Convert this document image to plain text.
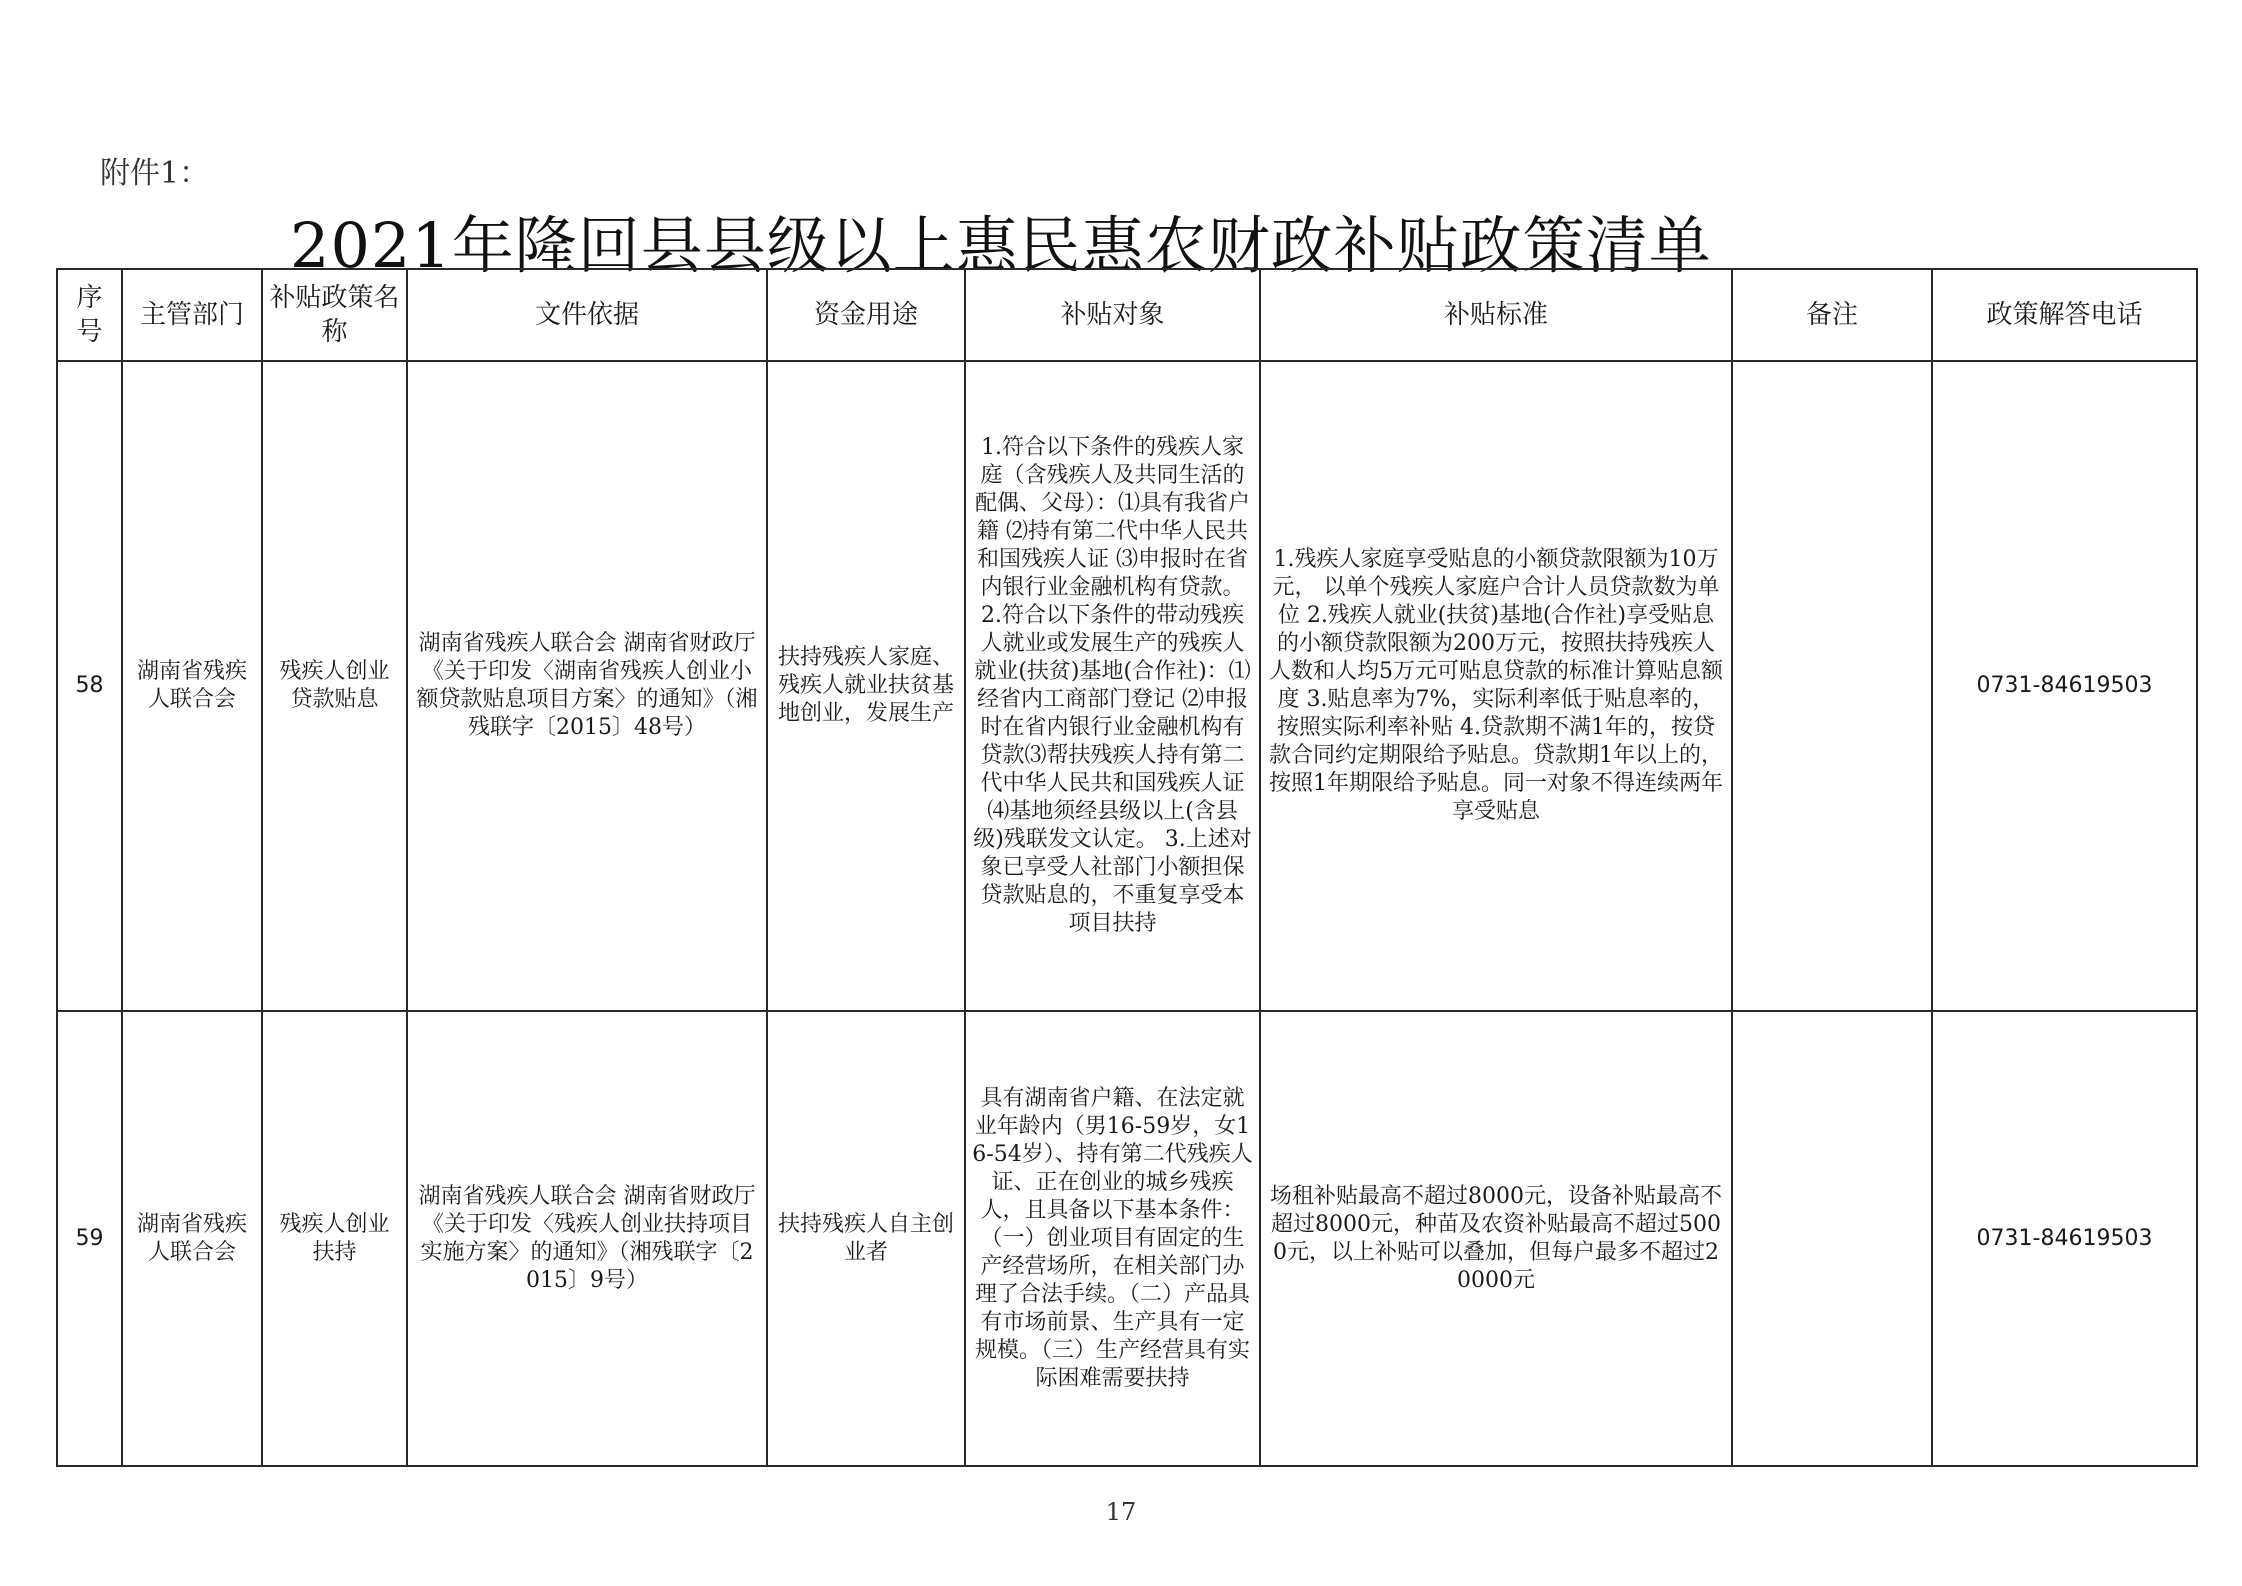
附件1：
2021年隆回县县级以上惠民惠农财政补贴政策清单
序号	主管部门	补贴政策名称	文件依据	资金用途	补贴对象	补贴标准	备注	政策解答电话
58	湖南省残疾人联合会	残疾人创业贷款贴息	湖南省残疾人联合会 湖南省财政厅《关于印发〈湖南省残疾人创业小额贷款贴息项目方案〉的通知》（湘残联字〔2015〕48号）	扶持残疾人家庭、残疾人就业扶贫基地创业，发展生产	1.符合以下条件的残疾人家庭（含残疾人及共同生活的配偶、父母）：⑴具有我省户籍 ⑵持有第二代中华人民共和国残疾人证 ⑶申报时在省内银行业金融机构有贷款。 2.符合以下条件的带动残疾人就业或发展生产的残疾人就业(扶贫)基地(合作社)：⑴经省内工商部门登记 ⑵申报时在省内银行业金融机构有贷款⑶帮扶残疾人持有第二代中华人民共和国残疾人证⑷基地须经县级以上(含县级)残联发文认定。 3.上述对象已享受人社部门小额担保贷款贴息的，不重复享受本项目扶持	1.残疾人家庭享受贴息的小额贷款限额为10万元， 以单个残疾人家庭户合计人员贷款数为单位 2.残疾人就业(扶贫)基地(合作社)享受贴息的小额贷款限额为200万元，按照扶持残疾人人数和人均5万元可贴息贷款的标准计算贴息额度 3.贴息率为7%，实际利率低于贴息率的，按照实际利率补贴 4.贷款期不满1年的，按贷款合同约定期限给予贴息。贷款期1年以上的，按照1年期限给予贴息。同一对象不得连续两年享受贴息		0731-84619503
59	湖南省残疾人联合会	残疾人创业扶持	湖南省残疾人联合会 湖南省财政厅《关于印发〈残疾人创业扶持项目实施方案〉的通知》（湘残联字〔2015〕9号）	扶持残疾人自主创业者	具有湖南省户籍、在法定就业年龄内（男16-59岁，女16-54岁）、持有第二代残疾人证、正在创业的城乡残疾人，且具备以下基本条件：（一）创业项目有固定的生产经营场所，在相关部门办理了合法手续。（二）产品具有市场前景、生产具有一定规模。（三）生产经营具有实际困难需要扶持	场租补贴最高不超过8000元，设备补贴最高不超过8000元，种苗及农资补贴最高不超过5000元，以上补贴可以叠加，但每户最多不超过20000元		0731-84619503
17
